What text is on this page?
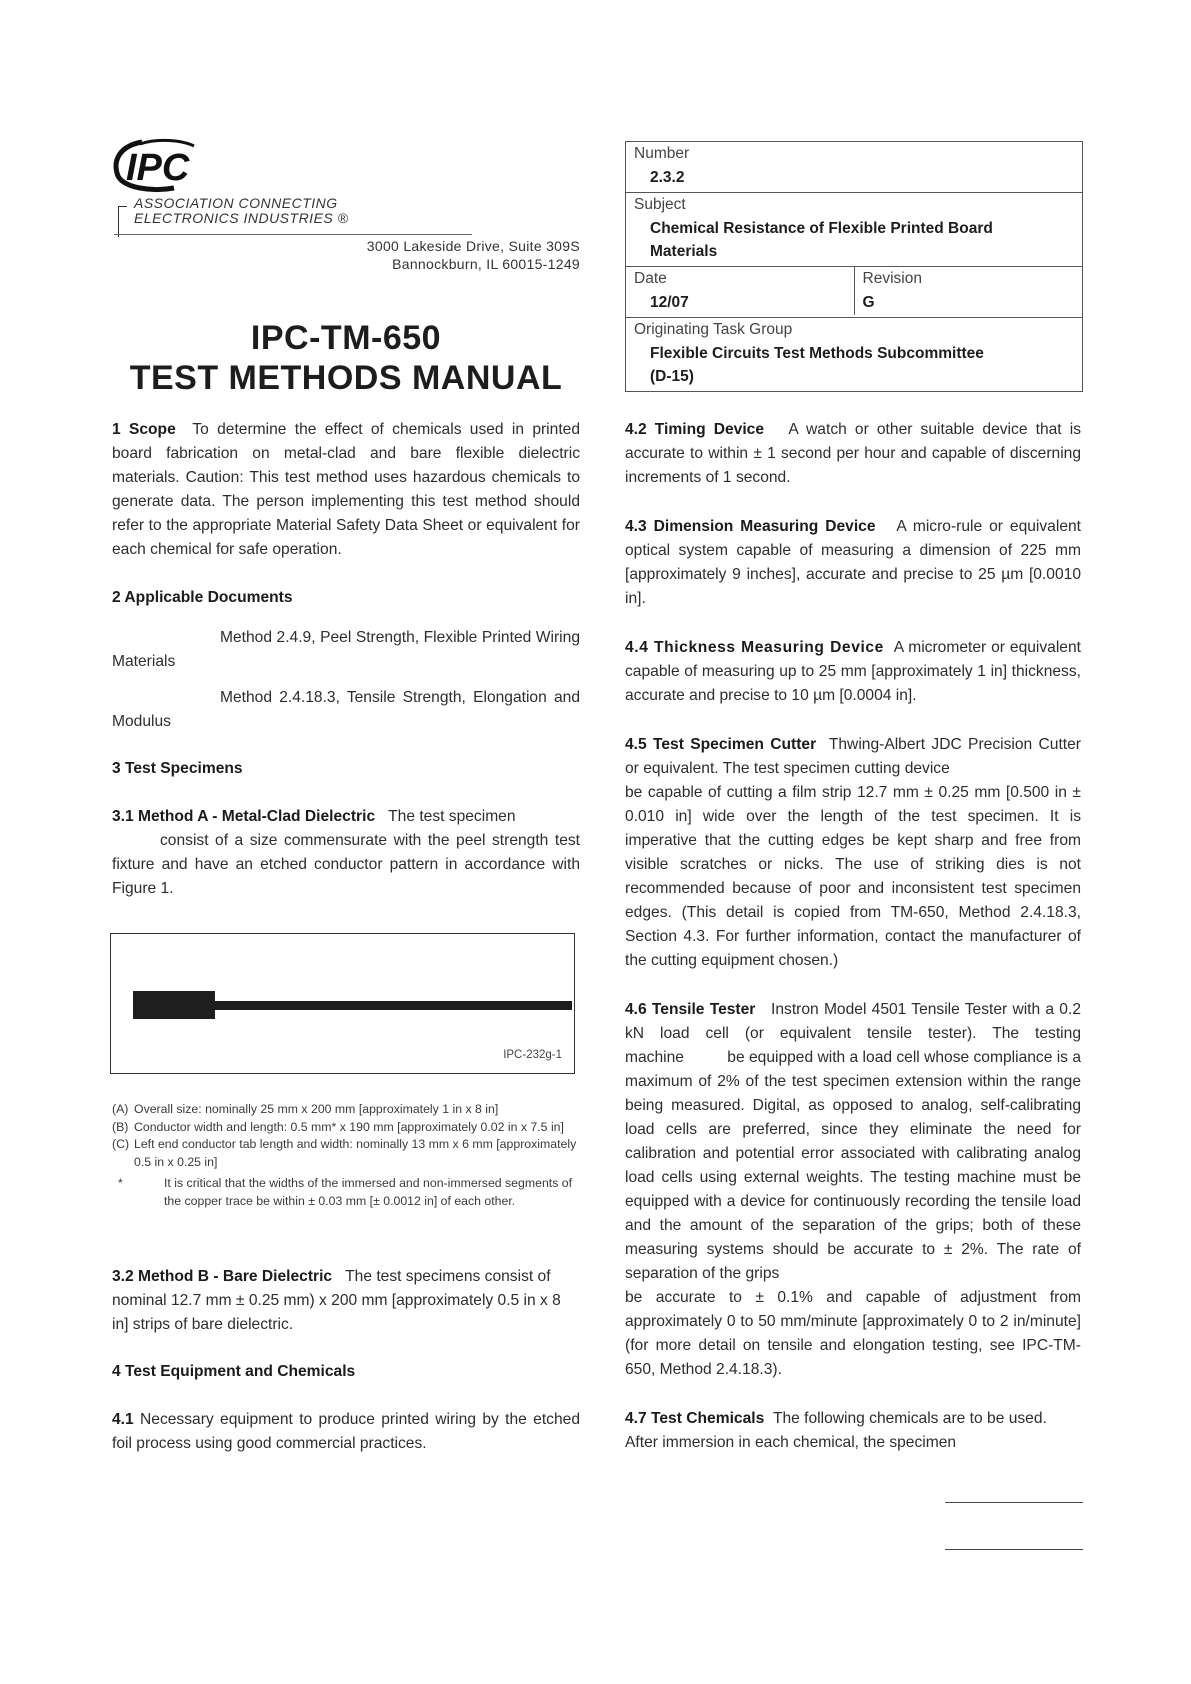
IPC
ASSOCIATION CONNECTING
ELECTRONICS INDUSTRIES ®
3000 Lakeside Drive, Suite 309S
Bannockburn, IL 60015-1249
IPC-TM-650
TEST METHODS MANUAL
Number
2.3.2
Subject
Chemical Resistance of Flexible Printed Board
Materials
Date
12/07
Revision
G
Originating Task Group
Flexible Circuits Test Methods Subcommittee
(D-15)

1 Scope To determine the effect of chemicals used in printed board fabrication on metal-clad and bare flexible dielectric materials. Caution: This test method uses hazardous chemicals to generate data. The person implementing this test method should refer to the appropriate Material Safety Data Sheet or equivalent for each chemical for safe operation.

2 Applicable Documents
Method 2.4.9, Peel Strength, Flexible Printed Wiring Materials
Method 2.4.18.3, Tensile Strength, Elongation and Modulus
3 Test Specimens

3.1 Method A - Metal-Clad Dielectric The test specimen
consist of a size commensurate with the peel strength test fixture and have an etched conductor pattern in accordance with Figure 1.

IPC-232g-1
(A) Overall size: nominally 25 mm x 200 mm [approximately 1 in x 8 in]
(B) Conductor width and length: 0.5 mm* x 190 mm [approximately 0.02 in x 7.5 in]
(C) Left end conductor tab length and width: nominally 13 mm x 6 mm [approximately 0.5 in x 0.25 in]
*	It is critical that the widths of the immersed and non-immersed segments of the copper trace be within ± 0.03 mm [± 0.0012 in] of each other.

3.2 Method B - Bare Dielectric The test specimens consist of nominal 12.7 mm ± 0.25 mm) x 200 mm [approximately 0.5 in x 8 in] strips of bare dielectric.

4 Test Equipment and Chemicals

4.1 Necessary equipment to produce printed wiring by the etched foil process using good commercial practices.

4.2 Timing Device A watch or other suitable device that is accurate to within ± 1 second per hour and capable of discerning increments of 1 second.

4.3 Dimension Measuring Device A micro-rule or equivalent optical system capable of measuring a dimension of 225 mm [approximately 9 inches], accurate and precise to 25 µm [0.0010 in].

4.4 Thickness Measuring Device A micrometer or equivalent capable of measuring up to 25 mm [approximately 1 in] thickness, accurate and precise to 10 µm [0.0004 in].

4.5 Test Specimen Cutter Thwing-Albert JDC Precision Cutter or equivalent. The test specimen cutting device
be capable of cutting a film strip 12.7 mm ± 0.25 mm [0.500 in ± 0.010 in] wide over the length of the test specimen. It is imperative that the cutting edges be kept sharp and free from visible scratches or nicks. The use of striking dies is not recommended because of poor and inconsistent test specimen edges. (This detail is copied from TM-650, Method 2.4.18.3, Section 4.3. For further information, contact the manufacturer of the cutting equipment chosen.)

4.6 Tensile Tester Instron Model 4501 Tensile Tester with a 0.2 kN load cell (or equivalent tensile tester). The testing machine	be equipped with a load cell whose compliance is a maximum of 2% of the test specimen extension within the range being measured. Digital, as opposed to analog, self-calibrating load cells are preferred, since they eliminate the need for calibration and potential error associated with calibrating analog load cells using external weights. The testing machine must be equipped with a device for continuously recording the tensile load and the amount of the separation of the grips; both of these measuring systems should be accurate to ± 2%. The rate of separation of the grips
be accurate to ± 0.1% and capable of adjustment from approximately 0 to 50 mm/minute [approximately 0 to 2 in/minute] (for more detail on tensile and elongation testing, see IPC-TM-650, Method 2.4.18.3).

4.7 Test Chemicals The following chemicals are to be used. After immersion in each chemical, the specimen
